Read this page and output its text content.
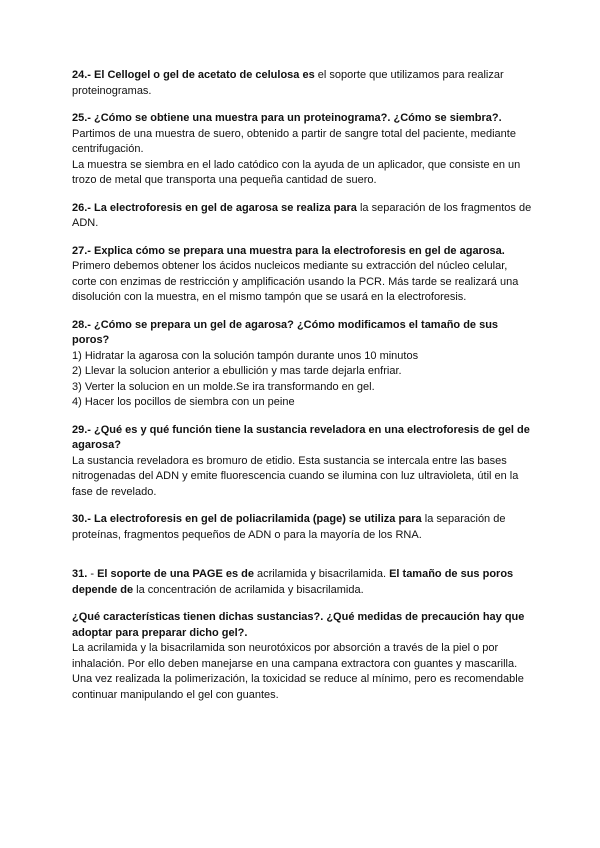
24.- El Cellogel o gel de acetato de celulosa es el soporte que utilizamos para realizar proteinogramas.

25.- ¿Cómo se obtiene una muestra para un proteinograma?. ¿Cómo se siembra?.
Partimos de una muestra de suero, obtenido a partir de sangre total del paciente, mediante centrifugación.
La muestra se siembra en el lado catódico con la ayuda de un aplicador, que consiste en un trozo de metal que transporta una pequeña cantidad de suero.

26.- La electroforesis en gel de agarosa se realiza para la separación de los fragmentos de ADN.

27.- Explica cómo se prepara una muestra para la electroforesis en gel de agarosa.
Primero debemos obtener los ácidos nucleicos mediante su extracción del núcleo celular, corte con enzimas de restricción y amplificación usando la PCR. Más tarde se realizará una disolución con la muestra, en el mismo tampón que se usará en la electroforesis.
28.- ¿Cómo se prepara un gel de agarosa? ¿Cómo modificamos el tamaño de sus poros?
1) Hidratar la agarosa con la solución tampón durante unos 10 minutos
2) Llevar la solucion anterior a ebullición y mas tarde dejarla enfriar.
3) Verter la solucion en un molde.Se ira transformando en gel.
4) Hacer los pocillos de siembra con un peine
29.- ¿Qué es y qué función tiene la sustancia reveladora en una electroforesis de gel de agarosa?
La sustancia reveladora es bromuro de etidio. Esta sustancia se intercala entre las bases nitrogenadas del ADN y emite fluorescencia cuando se ilumina con luz ultravioleta, útil en la fase de revelado.

30.- La electroforesis en gel de poliacrilamida (page) se utiliza para la separación de proteínas, fragmentos pequeños de ADN o para la mayoría de los RNA.

31. - El soporte de una PAGE es de acrilamida y bisacrilamida. El tamaño de sus poros depende de la concentración de acrilamida y bisacrilamida.

¿Qué características tienen dichas sustancias?. ¿Qué medidas de precaución hay que adoptar para preparar dicho gel?.
La acrilamida y la bisacrilamida son neurotóxicos por absorción a través de la piel o por inhalación. Por ello deben manejarse en una campana extractora con guantes y mascarilla. Una vez realizada la polimerización, la toxicidad se reduce al mínimo, pero es recomendable continuar manipulando el gel con guantes.
